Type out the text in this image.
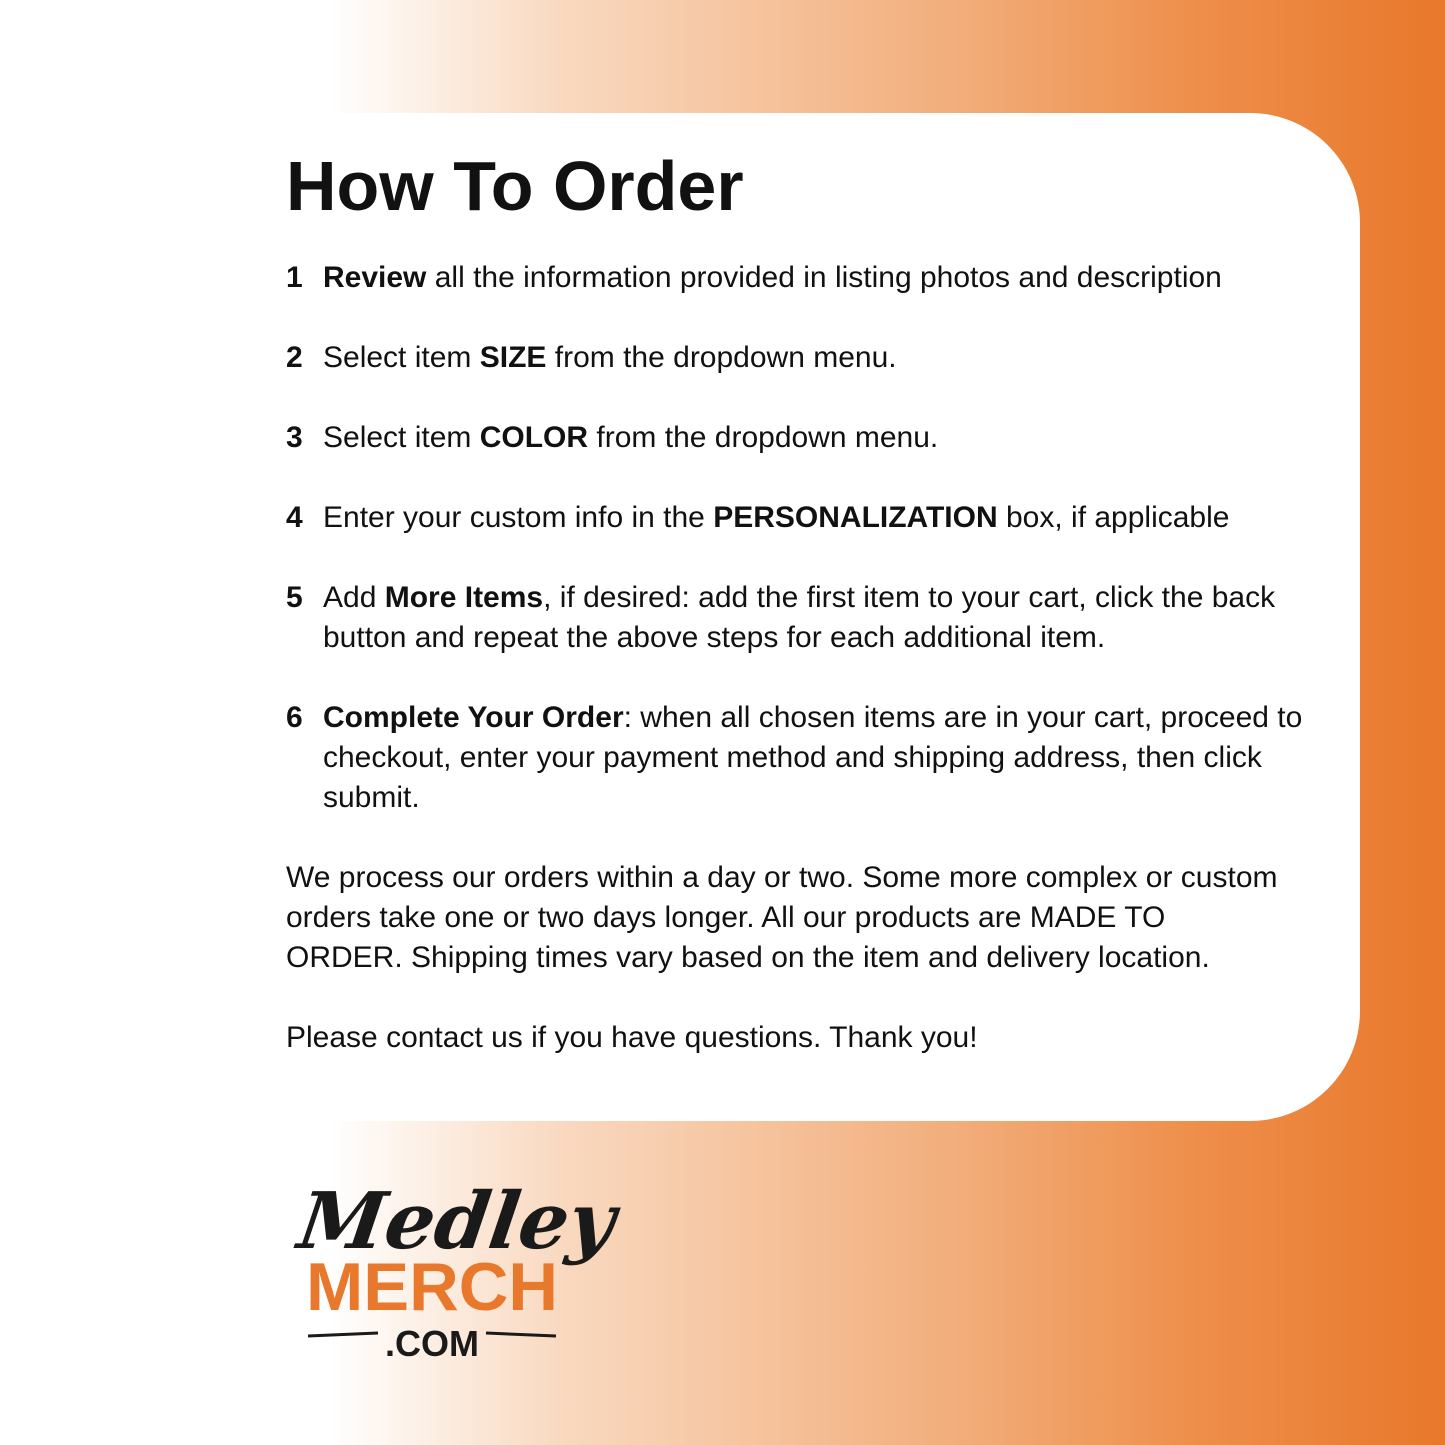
How To Order
1 Review all the information provided in listing photos and description
2 Select item SIZE from the dropdown menu.
3 Select item COLOR from the dropdown menu.
4 Enter your custom info in the PERSONALIZATION box, if applicable
5 Add More Items, if desired: add the first item to your cart, click the back button and repeat the above steps for each additional item.
6 Complete Your Order: when all chosen items are in your cart, proceed to checkout, enter your payment method and shipping address, then click submit.

We process our orders within a day or two. Some more complex or custom orders take one or two days longer. All our products are MADE TO ORDER. Shipping times vary based on the item and delivery location.

Please contact us if you have questions. Thank you!

Medley
MERCH
.COM
